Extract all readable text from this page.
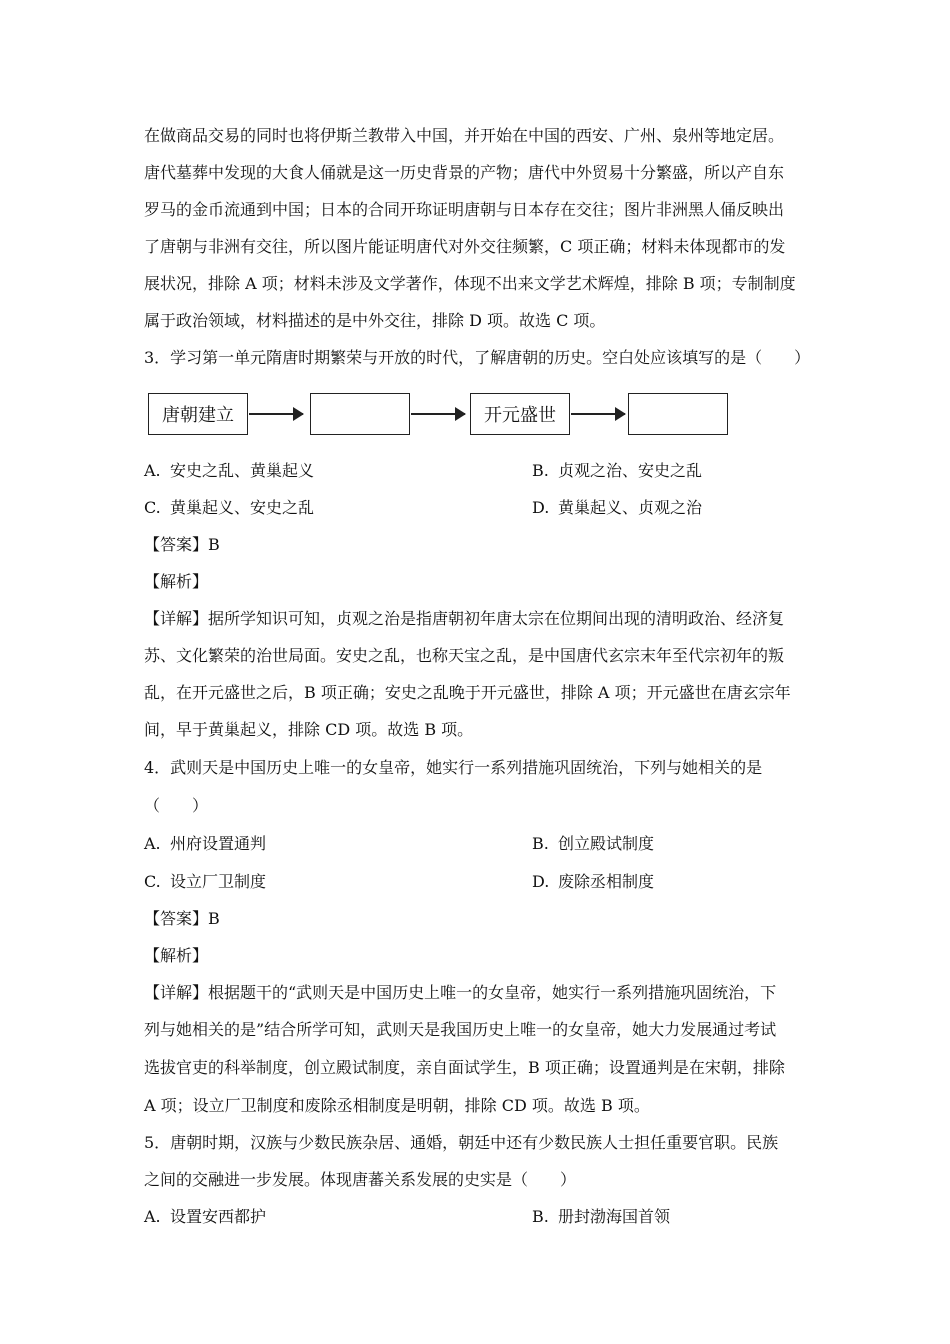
在做商品交易的同时也将伊斯兰教带入中国，并开始在中国的西安、广州、泉州等地定居。
唐代墓葬中发现的大食人俑就是这一历史背景的产物；唐代中外贸易十分繁盛，所以产自东
罗马的金币流通到中国；日本的合同开珎证明唐朝与日本存在交往；图片非洲黑人俑反映出
了唐朝与非洲有交往，所以图片能证明唐代对外交往频繁，C 项正确；材料未体现都市的发
展状况，排除 A 项；材料未涉及文学著作，体现不出来文学艺术辉煌，排除 B 项；专制制度
属于政治领域，材料描述的是中外交往，排除 D 项。故选 C 项。
3．学习第一单元隋唐时期繁荣与开放的时代，了解唐朝的历史。空白处应该填写的是（　　）
唐朝建立	开元盛世
A. 安史之乱、黄巢起义	B. 贞观之治、安史之乱
C. 黄巢起义、安史之乱	D. 黄巢起义、贞观之治
【答案】B
【解析】
【详解】据所学知识可知，贞观之治是指唐朝初年唐太宗在位期间出现的清明政治、经济复
苏、文化繁荣的治世局面。安史之乱，也称天宝之乱，是中国唐代玄宗末年至代宗初年的叛
乱，在开元盛世之后，B 项正确；安史之乱晚于开元盛世，排除 A 项；开元盛世在唐玄宗年
间，早于黄巢起义，排除 CD 项。故选 B 项。
4．武则天是中国历史上唯一的女皇帝，她实行一系列措施巩固统治，下列与她相关的是
（　　）
A. 州府设置通判	B. 创立殿试制度
C. 设立厂卫制度	D. 废除丞相制度
【答案】B
【解析】
【详解】根据题干的“武则天是中国历史上唯一的女皇帝，她实行一系列措施巩固统治，下
列与她相关的是”结合所学可知，武则天是我国历史上唯一的女皇帝，她大力发展通过考试
选拔官吏的科举制度，创立殿试制度，亲自面试学生，B 项正确；设置通判是在宋朝，排除
A 项；设立厂卫制度和废除丞相制度是明朝，排除 CD 项。故选 B 项。
5．唐朝时期，汉族与少数民族杂居、通婚，朝廷中还有少数民族人士担任重要官职。民族
之间的交融进一步发展。体现唐蕃关系发展的史实是（　　）
A. 设置安西都护	B. 册封渤海国首领
